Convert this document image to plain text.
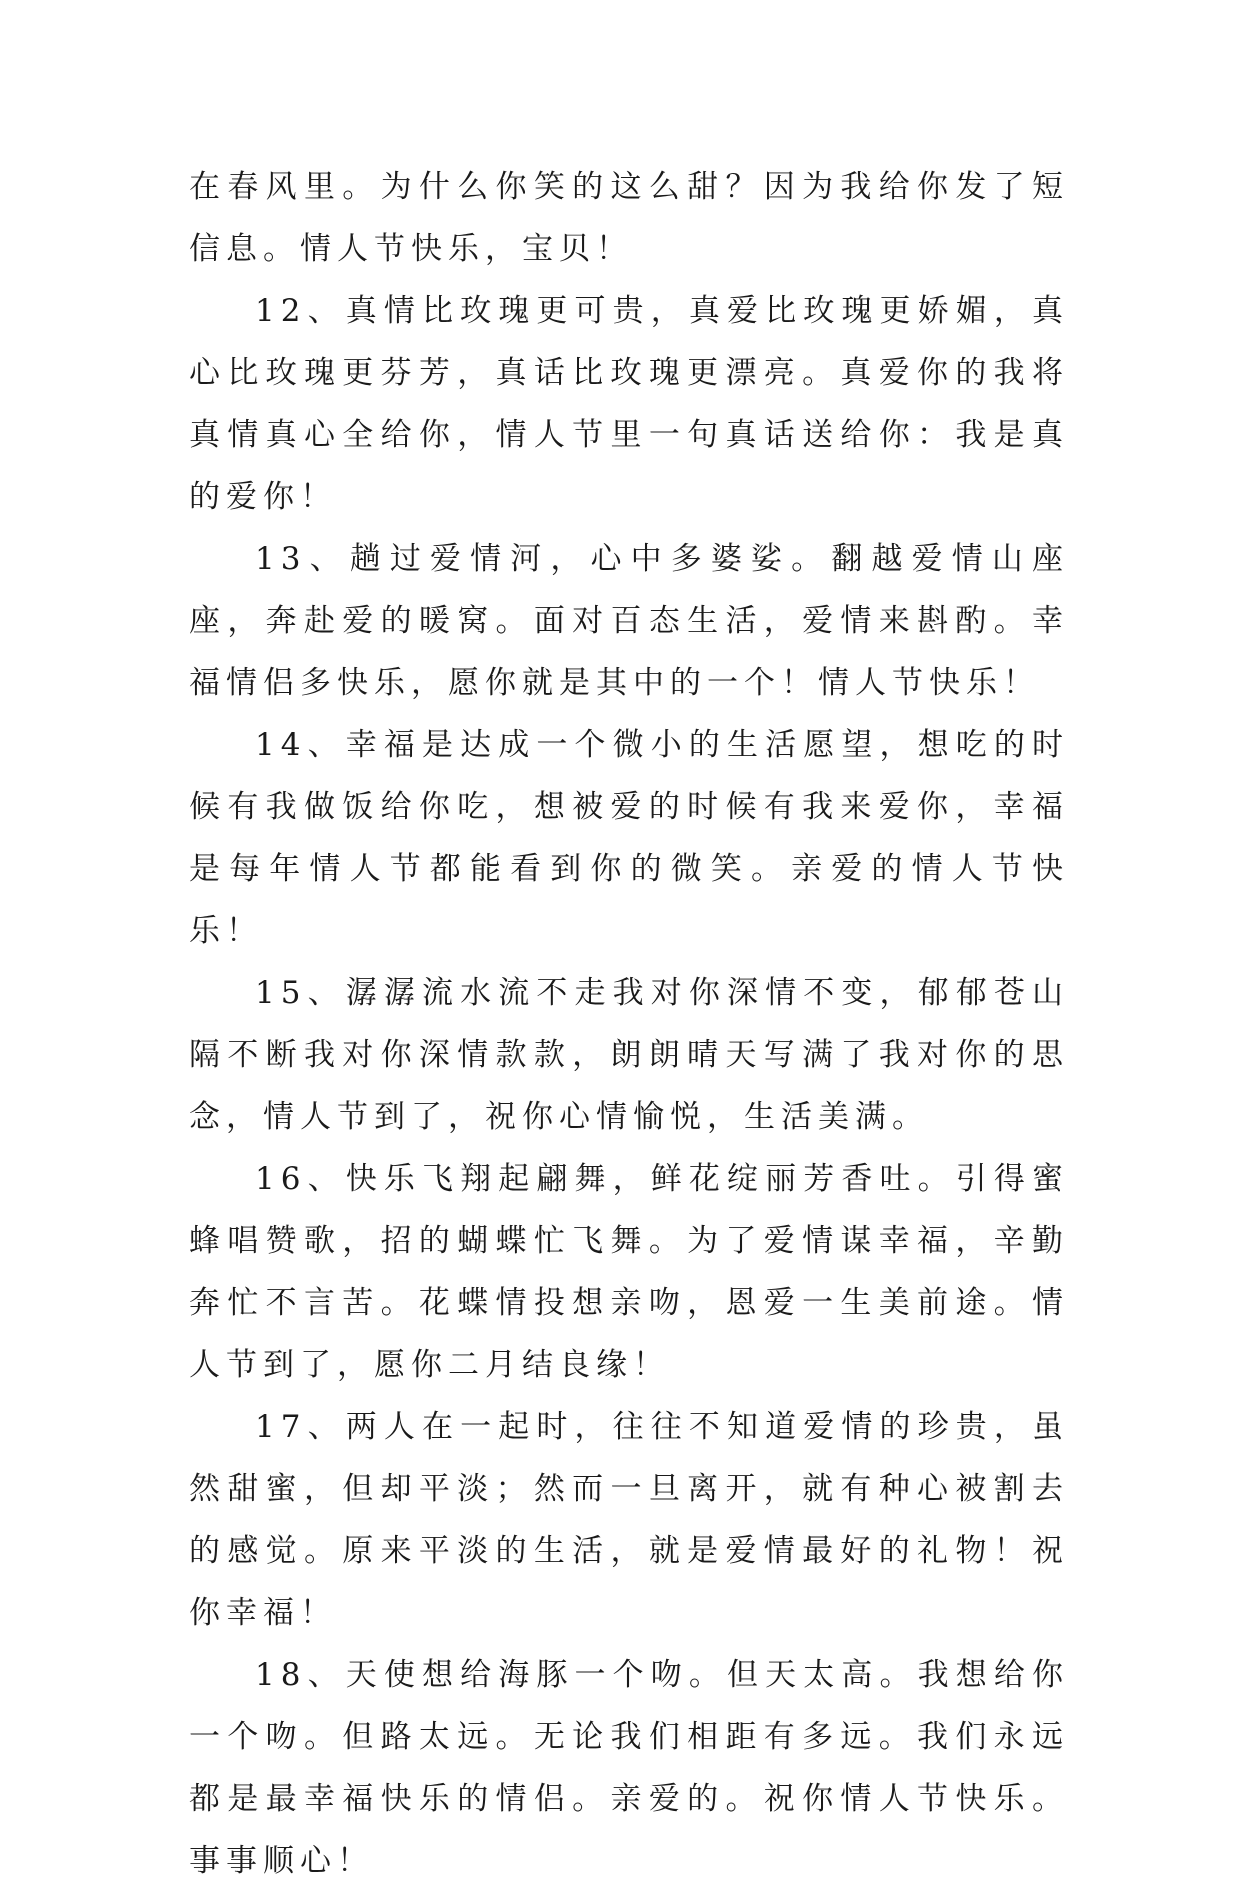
在春风里。为什么你笑的这么甜？因为我给你发了短信息。情人节快乐，宝贝！

12、真情比玫瑰更可贵，真爱比玫瑰更娇媚，真心比玫瑰更芬芳，真话比玫瑰更漂亮。真爱你的我将真情真心全给你，情人节里一句真话送给你：我是真的爱你！

13、趟过爱情河，心中多婆娑。翻越爱情山座座，奔赴爱的暖窝。面对百态生活，爱情来斟酌。幸福情侣多快乐，愿你就是其中的一个！情人节快乐！

14、幸福是达成一个微小的生活愿望，想吃的时候有我做饭给你吃，想被爱的时候有我来爱你，幸福是每年情人节都能看到你的微笑。亲爱的情人节快乐！

15、潺潺流水流不走我对你深情不变，郁郁苍山隔不断我对你深情款款，朗朗晴天写满了我对你的思念，情人节到了，祝你心情愉悦，生活美满。

16、快乐飞翔起翩舞，鲜花绽丽芳香吐。引得蜜蜂唱赞歌，招的蝴蝶忙飞舞。为了爱情谋幸福，辛勤奔忙不言苦。花蝶情投想亲吻，恩爱一生美前途。情人节到了，愿你二月结良缘！

17、两人在一起时，往往不知道爱情的珍贵，虽然甜蜜，但却平淡；然而一旦离开，就有种心被割去的感觉。原来平淡的生活，就是爱情最好的礼物！祝你幸福！

18、天使想给海豚一个吻。但天太高。我想给你一个吻。但路太远。无论我们相距有多远。我们永远都是最幸福快乐的情侣。亲爱的。祝你情人节快乐。事事顺心！
